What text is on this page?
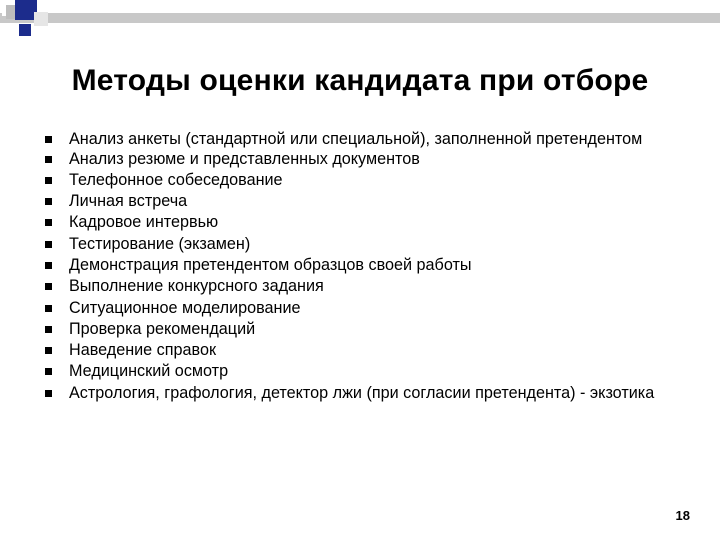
Методы оценки кандидата при отборе
Анализ анкеты (стандартной или специальной), заполненной претендентом
Анализ резюме и представленных документов
Телефонное собеседование
Личная встреча
Кадровое интервью
Тестирование (экзамен)
Демонстрация претендентом образцов своей работы
Выполнение конкурсного задания
Ситуационное моделирование
Проверка рекомендаций
Наведение справок
Медицинский осмотр
Астрология, графология, детектор лжи (при согласии претендента) - экзотика
18
